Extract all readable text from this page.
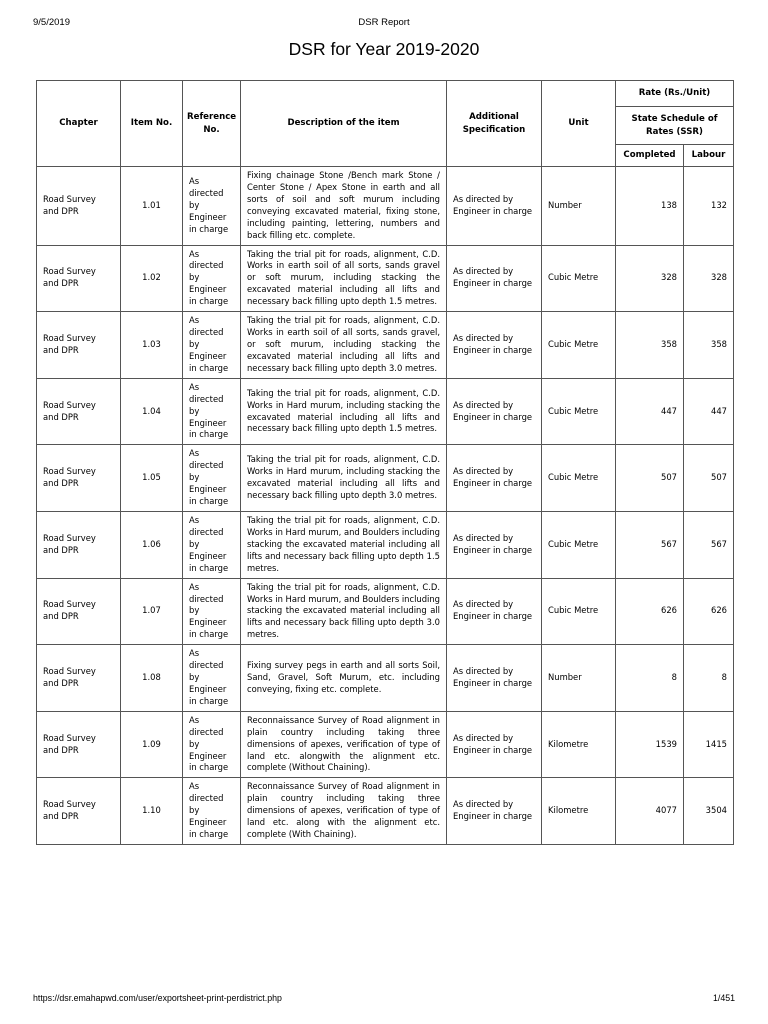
9/5/2019	DSR Report
DSR for Year 2019-2020
Chapter	Item No.	Reference No.	Description of the item	Additional Specification	Unit	Rate (Rs./Unit)	
						State Schedule of Rates (SSR)	
						Completed	Labour
Road Survey and DPR	1.01	As directed by Engineer in charge	Fixing chainage Stone /Bench mark Stone / Center Stone / Apex Stone in earth and all sorts of soil and soft murum including conveying excavated material, fixing stone, including painting, lettering, numbers and back filling etc. complete.	As directed by Engineer in charge	Number	138	132
Road Survey and DPR	1.02	As directed by Engineer in charge	Taking the trial pit for roads, alignment, C.D. Works in earth soil of all sorts, sands gravel or soft murum, including stacking the excavated material including all lifts and necessary back filling upto depth 1.5 metres.	As directed by Engineer in charge	Cubic Metre	328	328
Road Survey and DPR	1.03	As directed by Engineer in charge	Taking the trial pit for roads, alignment, C.D. Works in earth soil of all sorts, sands gravel, or soft murum, including stacking the excavated material including all lifts and necessary back filling upto depth 3.0 metres.	As directed by Engineer in charge	Cubic Metre	358	358
Road Survey and DPR	1.04	As directed by Engineer in charge	Taking the trial pit for roads, alignment, C.D. Works in Hard murum, including stacking the excavated material including all lifts and necessary back filling upto depth 1.5 metres.	As directed by Engineer in charge	Cubic Metre	447	447
Road Survey and DPR	1.05	As directed by Engineer in charge	Taking the trial pit for roads, alignment, C.D. Works in Hard murum, including stacking the excavated material including all lifts and necessary back filling upto depth 3.0 metres.	As directed by Engineer in charge	Cubic Metre	507	507
Road Survey and DPR	1.06	As directed by Engineer in charge	Taking the trial pit for roads, alignment, C.D. Works in Hard murum, and Boulders including stacking the excavated material including all lifts and necessary back filling upto depth 1.5 metres.	As directed by Engineer in charge	Cubic Metre	567	567
Road Survey and DPR	1.07	As directed by Engineer in charge	Taking the trial pit for roads, alignment, C.D. Works in Hard murum, and Boulders including stacking the excavated material including all lifts and necessary back filling upto depth 3.0 metres.	As directed by Engineer in charge	Cubic Metre	626	626
Road Survey and DPR	1.08	As directed by Engineer in charge	Fixing survey pegs in earth and all sorts Soil, Sand, Gravel, Soft Murum, etc. including conveying, fixing etc. complete.	As directed by Engineer in charge	Number	8	8
Road Survey and DPR	1.09	As directed by Engineer in charge	Reconnaissance Survey of Road alignment in plain country including taking three dimensions of apexes, verification of type of land etc. alongwith the alignment etc. complete (Without Chaining).	As directed by Engineer in charge	Kilometre	1539	1415
Road Survey and DPR	1.10	As directed by Engineer in charge	Reconnaissance Survey of Road alignment in plain country including taking three dimensions of apexes, verification of type of land etc. along with the alignment etc. complete (With Chaining).	As directed by Engineer in charge	Kilometre	4077	3504
https://dsr.emahapwd.com/user/exportsheet-print-perdistrict.php	1/451
